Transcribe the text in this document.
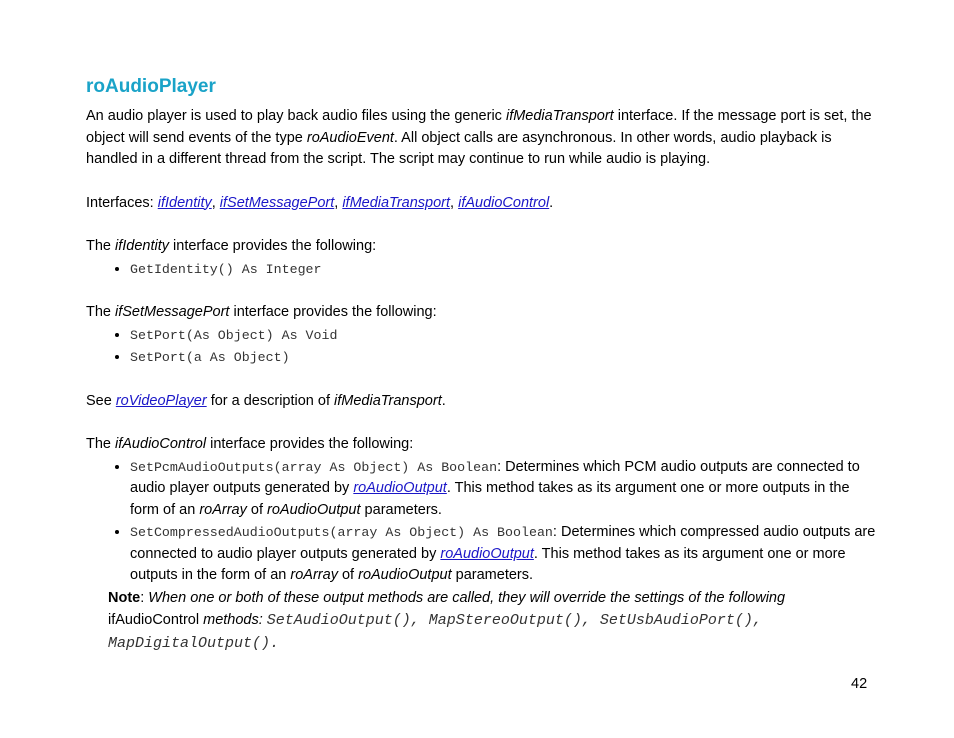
roAudioPlayer

An audio player is used to play back audio files using the generic ifMediaTransport interface. If the message port is set, the object will send events of the type roAudioEvent. All object calls are asynchronous. In other words, audio playback is handled in a different thread from the script. The script may continue to run while audio is playing.

Interfaces: ifIdentity, ifSetMessagePort, ifMediaTransport, ifAudioControl.

The ifIdentity interface provides the following:

• GetIdentity() As Integer

The ifSetMessagePort interface provides the following:

• SetPort(As Object) As Void
• SetPort(a As Object)

See roVideoPlayer for a description of ifMediaTransport.

The ifAudioControl interface provides the following:

• SetPcmAudioOutputs(array As Object) As Boolean: Determines which PCM audio outputs are connected to audio player outputs generated by roAudioOutput. This method takes as its argument one or more outputs in the form of an roArray of roAudioOutput parameters.
• SetCompressedAudioOutputs(array As Object) As Boolean: Determines which compressed audio outputs are connected to audio player outputs generated by roAudioOutput. This method takes as its argument one or more outputs in the form of an roArray of roAudioOutput parameters.

Note: When one or both of these output methods are called, they will override the settings of the following ifAudioControl methods: SetAudioOutput(), MapStereoOutput(), SetUsbAudioPort(), MapDigitalOutput().

42
